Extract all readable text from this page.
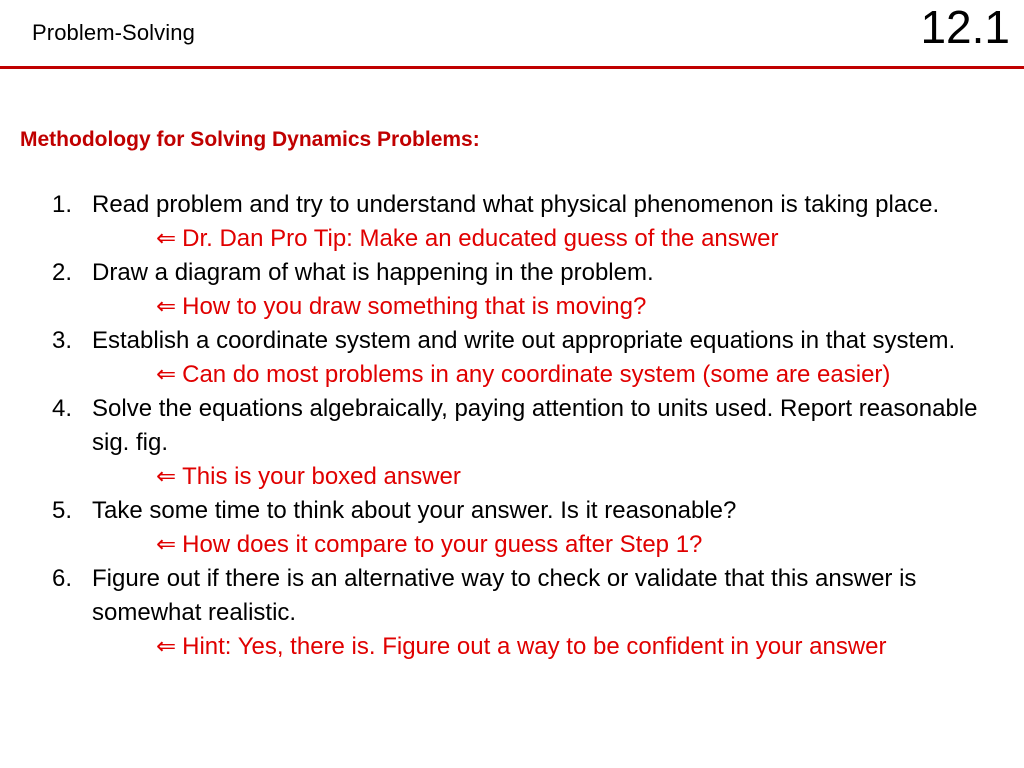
Problem-Solving	12.1
Methodology for Solving Dynamics Problems:
1. Read problem and try to understand what physical phenomenon is taking place.
⇐ Dr. Dan Pro Tip: Make an educated guess of the answer
2. Draw a diagram of what is happening in the problem.
⇐ How to you draw something that is moving?
3. Establish a coordinate system and write out appropriate equations in that system.
⇐ Can do most problems in any coordinate system (some are easier)
4. Solve the equations algebraically, paying attention to units used. Report reasonable sig. fig.
⇐ This is your boxed answer
5. Take some time to think about your answer. Is it reasonable?
⇐ How does it compare to your guess after Step 1?
6. Figure out if there is an alternative way to check or validate that this answer is somewhat realistic.
⇐ Hint: Yes, there is. Figure out a way to be confident in your answer
